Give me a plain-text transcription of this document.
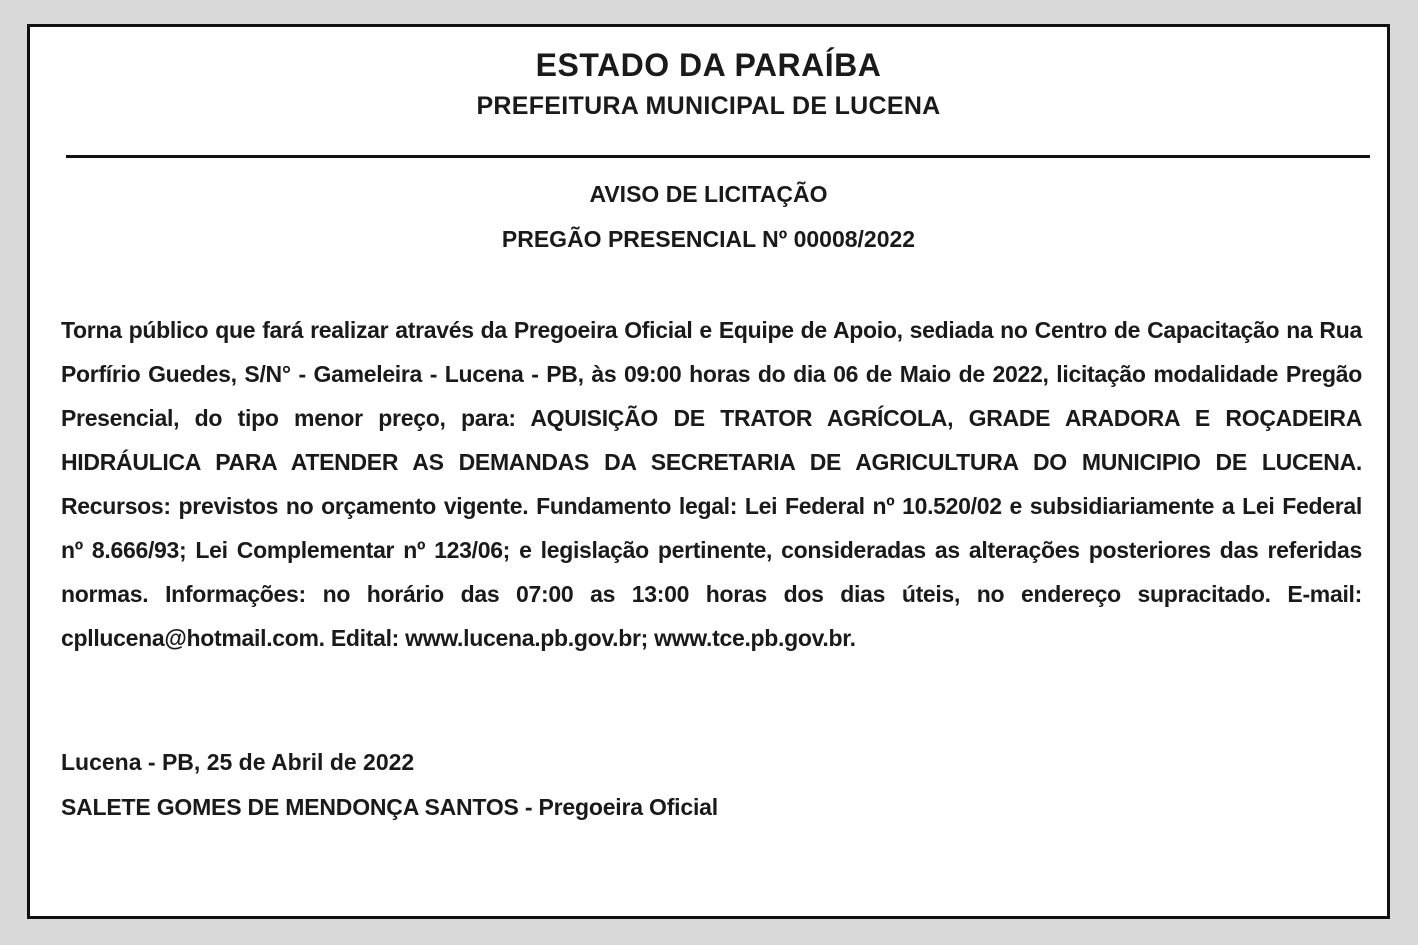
ESTADO DA PARAÍBA
PREFEITURA MUNICIPAL DE LUCENA
AVISO DE LICITAÇÃO
PREGÃO PRESENCIAL Nº 00008/2022

Torna público que fará realizar através da Pregoeira Oficial e Equipe de Apoio, sediada no Centro de Capacitação na Rua Porfírio Guedes, S/N° - Gameleira - Lucena - PB, às 09:00 horas do dia 06 de Maio de 2022, licitação modalidade Pregão Presencial, do tipo menor preço, para: AQUISIÇÃO DE TRATOR AGRÍCOLA, GRADE ARADORA E ROÇADEIRA HIDRÁULICA PARA ATENDER AS DEMANDAS DA SECRETARIA DE AGRICULTURA DO MUNICIPIO DE LUCENA. Recursos: previstos no orçamento vigente. Fundamento legal: Lei Federal nº 10.520/02 e subsidiariamente a Lei Federal nº 8.666/93; Lei Complementar nº 123/06; e legislação pertinente, consideradas as alterações posteriores das referidas normas. Informações: no horário das 07:00 as 13:00 horas dos dias úteis, no endereço supracitado. E-mail: cpllucena@hotmail.com. Edital: www.lucena.pb.gov.br; www.tce.pb.gov.br.

Lucena - PB, 25 de Abril de 2022
SALETE GOMES DE MENDONÇA SANTOS - Pregoeira Oficial
